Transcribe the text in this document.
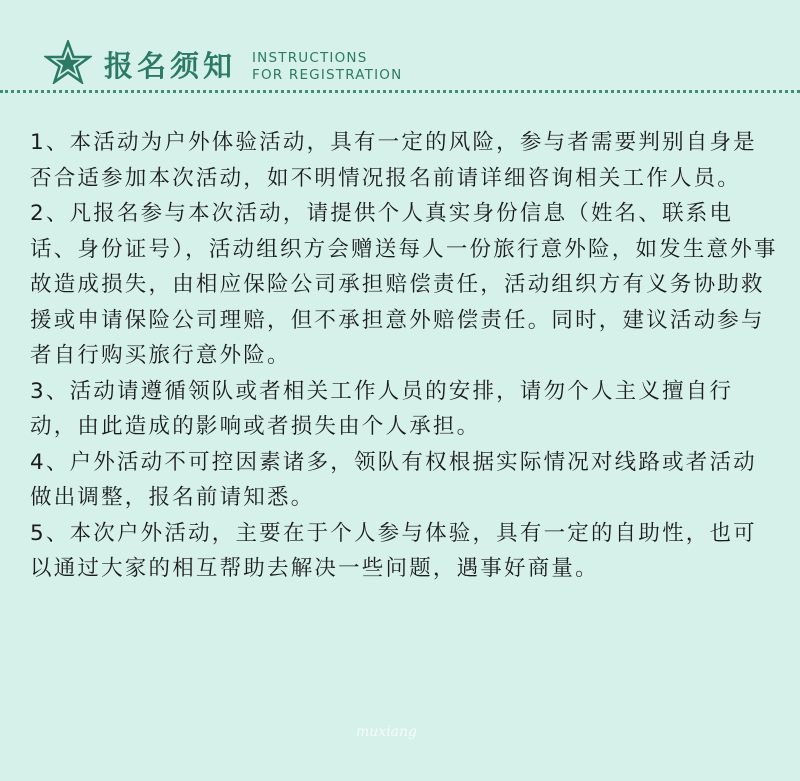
报名须知 INSTRUCTIONS
FOR REGISTRATION

1、本活动为户外体验活动，具有一定的风险，参与者需要判别自身是否合适参加本次活动，如不明情况报名前请详细咨询相关工作人员。

2、凡报名参与本次活动，请提供个人真实身份信息（姓名、联系电话、身份证号），活动组织方会赠送每人一份旅行意外险，如发生意外事故造成损失，由相应保险公司承担赔偿责任，活动组织方有义务协助救援或申请保险公司理赔，但不承担意外赔偿责任。同时，建议活动参与者自行购买旅行意外险。

3、活动请遵循领队或者相关工作人员的安排，请勿个人主义擅自行动，由此造成的影响或者损失由个人承担。

4、户外活动不可控因素诸多，领队有权根据实际情况对线路或者活动做出调整，报名前请知悉。

5、本次户外活动，主要在于个人参与体验，具有一定的自助性，也可以通过大家的相互帮助去解决一些问题，遇事好商量。

muxiang
